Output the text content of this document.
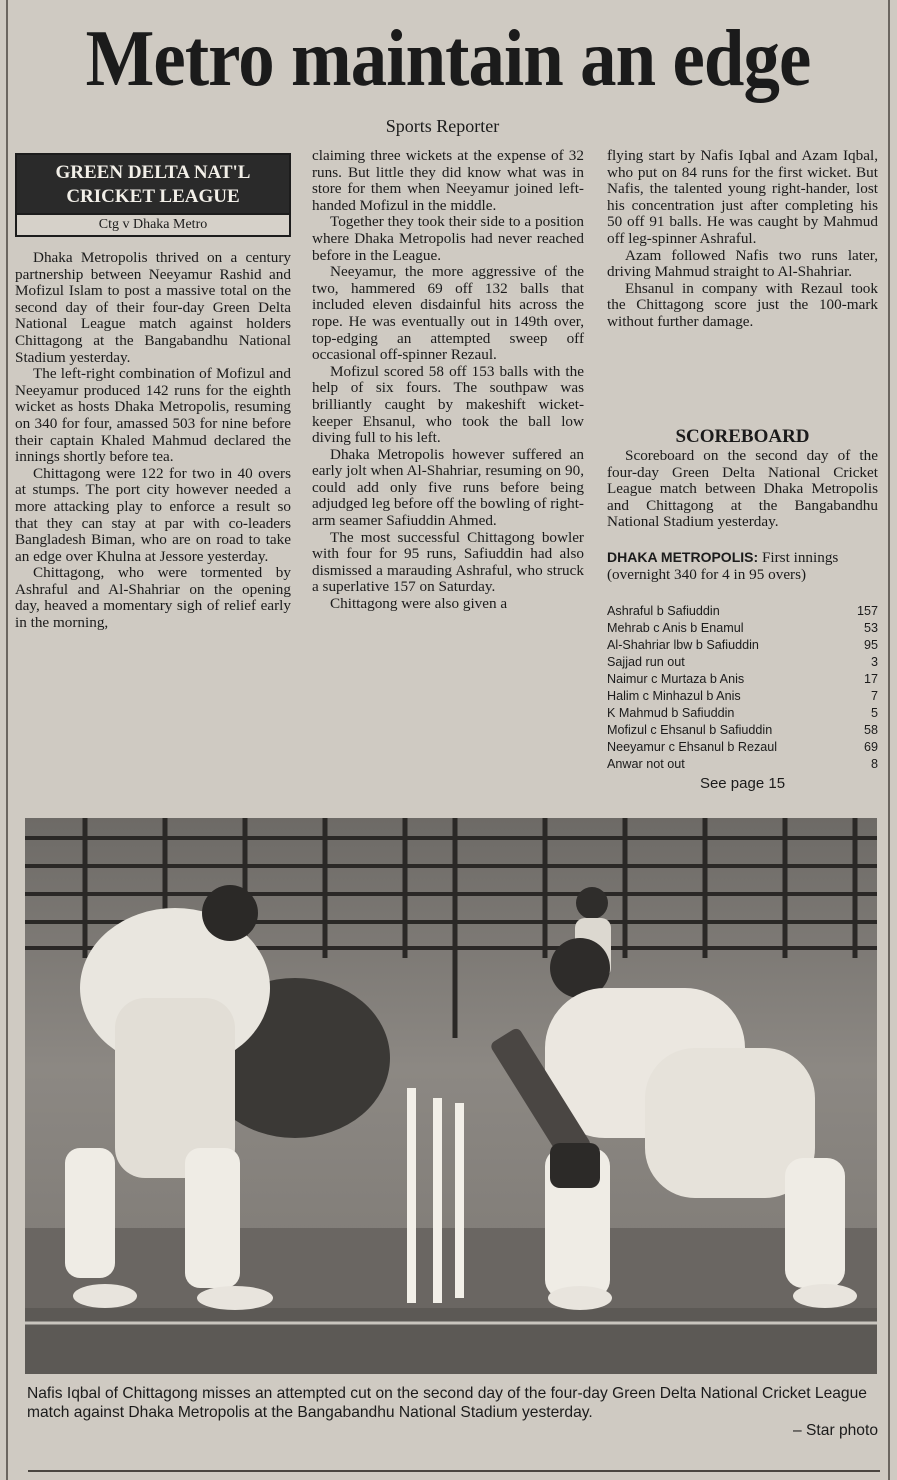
Metro maintain an edge
Sports Reporter
GREEN DELTA NAT'L CRICKET LEAGUE
Ctg v Dhaka Metro

Dhaka Metropolis thrived on a century partnership between Neeyamur Rashid and Mofizul Islam to post a massive total on the second day of their four-day Green Delta National League match against holders Chittagong at the Bangabandhu National Stadium yesterday.

The left-right combination of Mofizul and Neeyamur produced 142 runs for the eighth wicket as hosts Dhaka Metropolis, resuming on 340 for four, amassed 503 for nine before their captain Khaled Mahmud declared the innings shortly before tea.

Chittagong were 122 for two in 40 overs at stumps. The port city however needed a more attacking play to enforce a result so that they can stay at par with co-leaders Bangladesh Biman, who are on road to take an edge over Khulna at Jessore yesterday.

Chittagong, who were tormented by Ashraful and Al-Shahriar on the opening day, heaved a momentary sigh of relief early in the morning,

claiming three wickets at the expense of 32 runs. But little they did know what was in store for them when Neeyamur joined left-handed Mofizul in the middle.

Together they took their side to a position where Dhaka Metropolis had never reached before in the League.

Neeyamur, the more aggressive of the two, hammered 69 off 132 balls that included eleven disdainful hits across the rope. He was eventually out in 149th over, top-edging an attempted sweep off occasional off-spinner Rezaul.

Mofizul scored 58 off 153 balls with the help of six fours. The southpaw was brilliantly caught by makeshift wicket-keeper Ehsanul, who took the ball low diving full to his left.

Dhaka Metropolis however suffered an early jolt when Al-Shahriar, resuming on 90, could add only five runs before being adjudged leg before off the bowling of right-arm seamer Safiuddin Ahmed.

The most successful Chittagong bowler with four for 95 runs, Safiuddin had also dismissed a marauding Ashraful, who struck a superlative 157 on Saturday.

Chittagong were also given a

flying start by Nafis Iqbal and Azam Iqbal, who put on 84 runs for the first wicket. But Nafis, the talented young right-hander, lost his concentration just after completing his 50 off 91 balls. He was caught by Mahmud off leg-spinner Ashraful.

Azam followed Nafis two runs later, driving Mahmud straight to Al-Shahriar.

Ehsanul in company with Rezaul took the Chittagong score just the 100-mark without further damage.

SCOREBOARD

Scoreboard on the second day of the four-day Green Delta National Cricket League match between Dhaka Metropolis and Chittagong at the Bangabandhu National Stadium yesterday.

DHAKA METROPOLIS: First innings (overnight 340 for 4 in 95 overs)
Ashraful b Safiuddin	157
Mehrab c Anis b Enamul	53
Al-Shahriar lbw b Safiuddin	95
Sajjad run out	3
Naimur c Murtaza b Anis	17
Halim c Minhazul b Anis	7
K Mahmud b Safiuddin	5
Mofizul c Ehsanul b Safiuddin	58
Neeyamur c Ehsanul b Rezaul	69
Anwar not out	8
See page 15
Nafis Iqbal of Chittagong misses an attempted cut on the second day of the four-day Green Delta National Cricket League match against Dhaka Metropolis at the Bangabandhu National Stadium yesterday.
– Star photo
